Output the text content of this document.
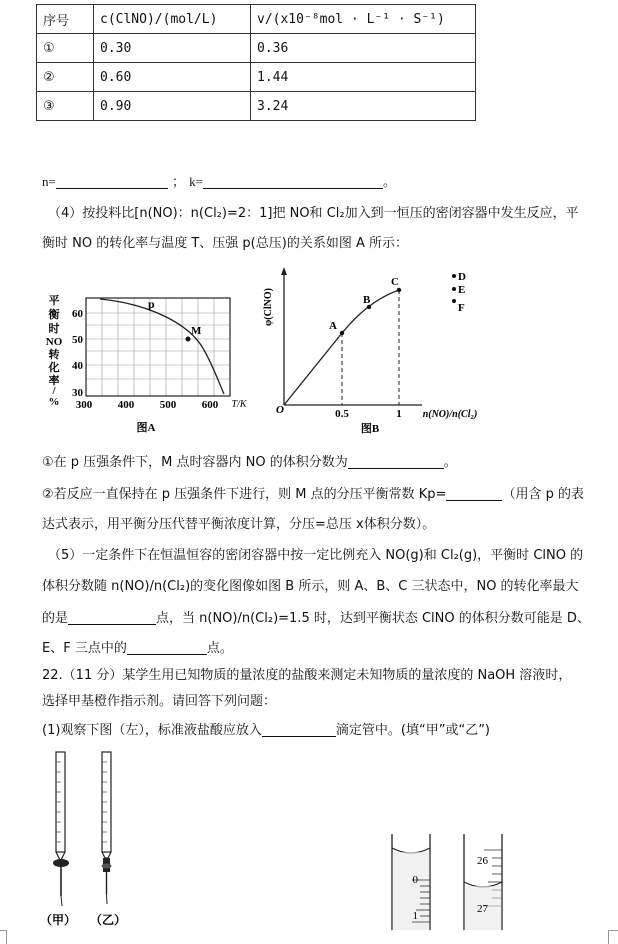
序号	c(ClNO)/(mol/L)	v/(x10⁻⁸mol · L⁻¹ · S⁻¹)
①	0.30	0.36
②	0.60	1.44
③	0.90	3.24
n=	； k=	。
（4）按投料比[n(NO)：n(Cl₂)=2：1]把 NO和 Cl₂加入到一恒压的密闭容器中发生反应，平
衡时 NO 的转化率与温度 T、压强 p(总压)的关系如图 A 所示：
平
衡
时
NO
转
化
率
/
%
60
50
40
30
300 400 500 600 T/K
p
M
图A
φ(ClNO)
O
A
B
C
0.5	1 n(NO)/n(Cl₂)
D
E
F
图B
①在 p 压强条件下，M 点时容器内 NO 的体积分数为	。
②若反应一直保持在 p 压强条件下进行，则 M 点的分压平衡常数 Kp=	（用含 p 的表
达式表示，用平衡分压代替平衡浓度计算，分压=总压 x体积分数）。
（5）一定条件下在恒温恒容的密闭容器中按一定比例充入 NO(g)和 Cl₂(g)，平衡时 ClNO 的
体积分数随 n(NO)/n(Cl₂)的变化图像如图 B 所示，则 A、B、C 三状态中，NO 的转化率最大
的是	点，当 n(NO)/n(Cl₂)=1.5 时，达到平衡状态 ClNO 的体积分数可能是 D、
E、F 三点中的	点。
22.（11 分）某学生用已知物质的量浓度的盐酸来测定未知物质的量浓度的 NaOH 溶液时，
选择甲基橙作指示剂。请回答下列问题：
(1)观察下图（左），标准液盐酸应放入	滴定管中。(填“甲”或“乙”)
（甲） （乙）
0
1
26
27
